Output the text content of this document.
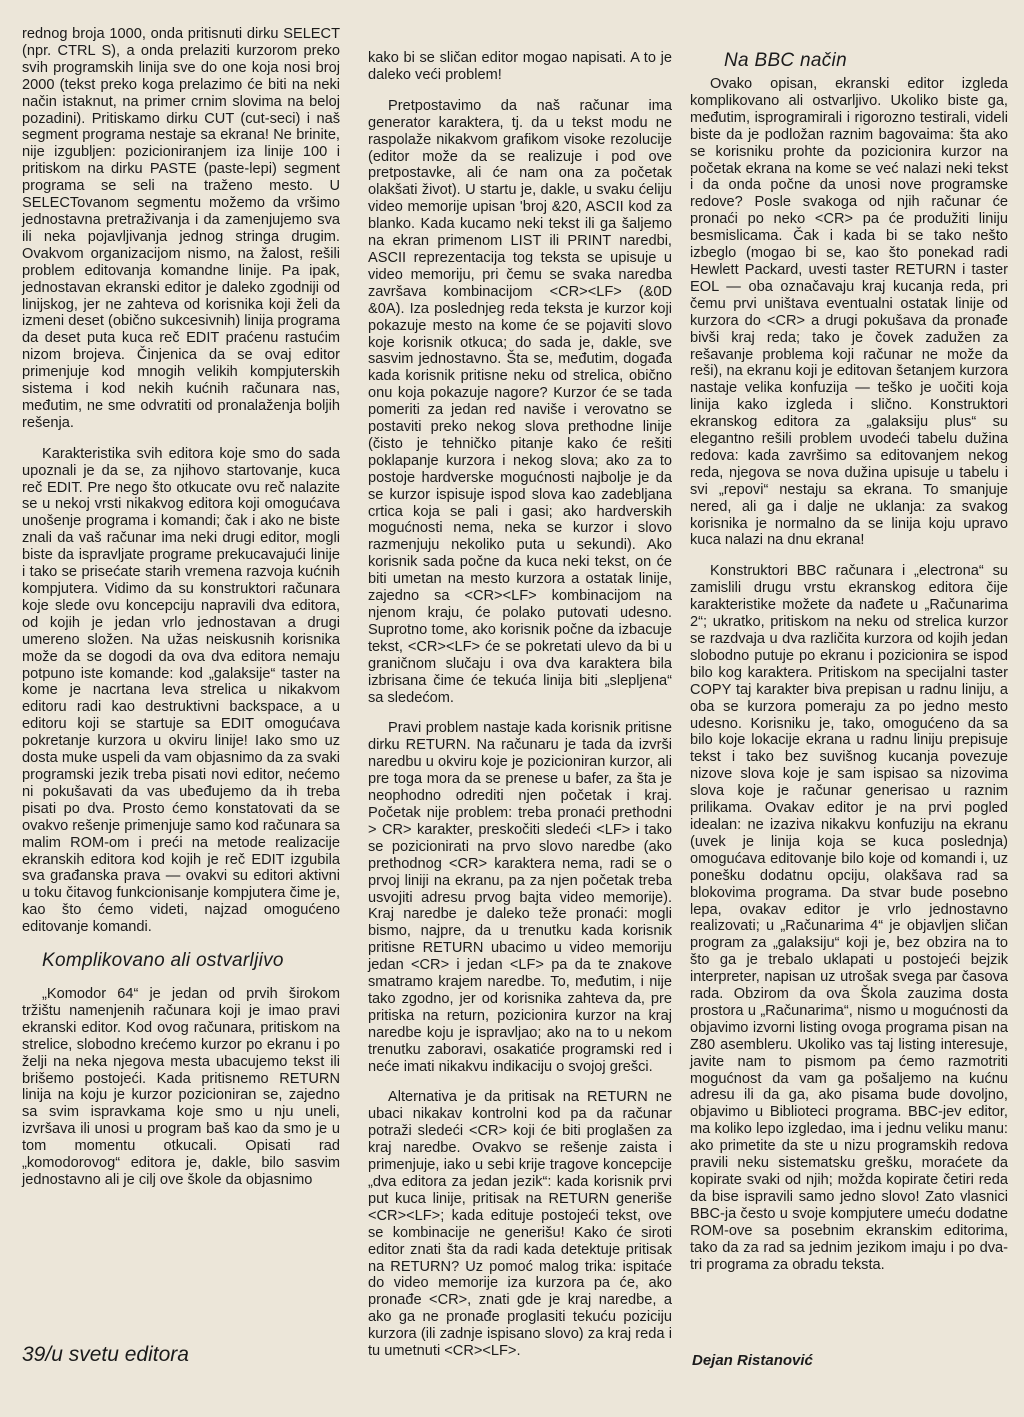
rednog broja 1000, onda pritisnuti dirku SELECT (npr. CTRL S), a onda prelaziti kurzorom preko svih programskih linija sve do one koja nosi broj 2000 (tekst preko koga prelazimo će biti na neki način istaknut, na primer crnim slovima na beloj pozadini). Pritiskamo dirku CUT (cut-seci) i naš segment programa nestaje sa ekrana! Ne brinite, nije izgubljen: pozicioniranjem iza linije 100 i pritiskom na dirku PASTE (paste-lepi) segment programa se seli na traženo mesto. U SELECTovanom segmentu možemo da vršimo jednostavna pretraživanja i da zamenjujemo sva ili neka pojavljivanja jednog stringa drugim. Ovakvom organizacijom nismo, na žalost, rešili problem editovanja komandne linije. Pa ipak, jednostavan ekranski editor je daleko zgodniji od linijskog, jer ne zahteva od korisnika koji želi da izmeni deset (obično sukcesivnih) linija programa da deset puta kuca reč EDIT praćenu rastućim nizom brojeva. Činjenica da se ovaj editor primenjuje kod mnogih velikih kompjuterskih sistema i kod nekih kućnih računara nas, međutim, ne sme odvratiti od pronalaženja boljih rešenja.

Karakteristika svih editora koje smo do sada upoznali je da se, za njihovo startovanje, kuca reč EDIT. Pre nego što otkucate ovu reč nalazite se u nekoj vrsti nikakvog editora koji omogućava unošenje programa i komandi; čak i ako ne biste znali da vaš računar ima neki drugi editor, mogli biste da ispravljate programe prekucavajući linije i tako se prisećate starih vremena razvoja kućnih kompjutera. Vidimo da su konstruktori računara koje slede ovu koncepciju napravili dva editora, od kojih je jedan vrlo jednostavan a drugi umereno složen. Na užas neiskusnih korisnika može da se dogodi da ova dva editora nemaju potpuno iste komande: kod „galaksije“ taster na kome je nacrtana leva strelica u nikakvom editoru radi kao destruktivni backspace, a u editoru koji se startuje sa EDIT omogućava pokretanje kurzora u okviru linije! Iako smo uz dosta muke uspeli da vam objasnimo da za svaki programski jezik treba pisati novi editor, nećemo ni pokušavati da vas ubeđujemo da ih treba pisati po dva. Prosto ćemo konstatovati da se ovakvo rešenje primenjuje samo kod računara sa malim ROM-om i preći na metode realizacije ekranskih editora kod kojih je reč EDIT izgubila sva građanska prava — ovakvi su editori aktivni u toku čitavog funkcionisanje kompjutera čime je, kao što ćemo videti, najzad omogućeno editovanje komandi.

Komplikovano ali ostvarljivo

„Komodor 64“ je jedan od prvih širokom tržištu namenjenih računara koji je imao pravi ekranski editor. Kod ovog računara, pritiskom na strelice, slobodno krećemo kurzor po ekranu i po želji na neka njegova mesta ubacujemo tekst ili brišemo postojeći. Kada pritisnemo RETURN linija na koju je kurzor pozicioniran se, zajedno sa svim ispravkama koje smo u nju uneli, izvršava ili unosi u program baš kao da smo je u tom momentu otkucali. Opisati rad „komodorovog“ editora je, dakle, bilo sasvim jednostavno ali je cilj ove škole da objasnimo

kako bi se sličan editor mogao napisati. A to je daleko veći problem!

Pretpostavimo da naš računar ima generator karaktera, tj. da u tekst modu ne raspolaže nikakvom grafikom visoke rezolucije (editor može da se realizuje i pod ove pretpostavke, ali će nam ona za početak olakšati život). U startu je, dakle, u svaku ćeliju video memorije upisan 'broj &20, ASCII kod za blanko. Kada kucamo neki tekst ili ga šaljemo na ekran primenom LIST ili PRINT naredbi, ASCII reprezentacija tog teksta se upisuje u video memoriju, pri čemu se svaka naredba završava kombinacijom <CR><LF> (&0D &0A). Iza poslednjeg reda teksta je kurzor koji pokazuje mesto na kome će se pojaviti slovo koje korisnik otkuca; do sada je, dakle, sve sasvim jednostavno. Šta se, međutim, događa kada korisnik pritisne neku od strelica, obično onu koja pokazuje nagore? Kurzor će se tada pomeriti za jedan red naviše i verovatno se postaviti preko nekog slova prethodne linije (čisto je tehničko pitanje kako će rešiti poklapanje kurzora i nekog slova; ako za to postoje hardverske mogućnosti najbolje je da se kurzor ispisuje ispod slova kao zadebljana crtica koja se pali i gasi; ako hardverskih mogućnosti nema, neka se kurzor i slovo razmenjuju nekoliko puta u sekundi). Ako korisnik sada počne da kuca neki tekst, on će biti umetan na mesto kurzora a ostatak linije, zajedno sa <CR><LF> kombinacijom na njenom kraju, će polako putovati udesno. Suprotno tome, ako korisnik počne da izbacuje tekst, <CR><LF> će se pokretati ulevo da bi u graničnom slučaju i ova dva karaktera bila izbrisana čime će tekuća linija biti „slepljena“ sa sledećom.

Pravi problem nastaje kada korisnik pritisne dirku RETURN. Na računaru je tada da izvrši naredbu u okviru koje je pozicioniran kurzor, ali pre toga mora da se prenese u bafer, za šta je neophodno odrediti njen početak i kraj. Početak nije problem: treba pronaći prethodni > CR> karakter, preskočiti sledeći <LF> i tako se pozicionirati na prvo slovo naredbe (ako prethodnog <CR> karaktera nema, radi se o prvoj liniji na ekranu, pa za njen početak treba usvojiti adresu prvog bajta video memorije). Kraj naredbe je daleko teže pronaći: mogli bismo, najpre, da u trenutku kada korisnik pritisne RETURN ubacimo u video memoriju jedan <CR> i jedan <LF> pa da te znakove smatramo krajem naredbe. To, međutim, i nije tako zgodno, jer od korisnika zahteva da, pre pritiska na return, pozicionira kurzor na kraj naredbe koju je ispravljao; ako na to u nekom trenutku zaboravi, osakatiće programski red i neće imati nikakvu indikaciju o svojoj grešci.

Alternativa je da pritisak na RETURN ne ubaci nikakav kontrolni kod pa da računar potraži sledeći <CR> koji će biti proglašen za kraj naredbe. Ovakvo se rešenje zaista i primenjuje, iako u sebi krije tragove koncepcije „dva editora za jedan jezik“: kada korisnik prvi put kuca linije, pritisak na RETURN generiše <CR><LF>; kada edituje postojeći tekst, ove se kombinacije ne generišu! Kako će siroti editor znati šta da radi kada detektuje pritisak na RETURN? Uz pomoć malog trika: ispitaće do video memorije iza kurzora pa će, ako pronađe <CR>, znati gde je kraj naredbe, a ako ga ne pronađe proglasiti tekuću poziciju kurzora (ili zadnje ispisano slovo) za kraj reda i tu umetnuti <CR><LF>.

Na BBC način

Ovako opisan, ekranski editor izgleda komplikovano ali ostvarljivo. Ukoliko biste ga, međutim, isprogramirali i rigorozno testirali, videli biste da je podložan raznim bagovaima: šta ako se korisniku prohte da pozicionira kurzor na početak ekrana na kome se već nalazi neki tekst i da onda počne da unosi nove programske redove? Posle svakoga od njih računar će pronaći po neko <CR> pa će produžiti liniju besmislicama. Čak i kada bi se tako nešto izbeglo (mogao bi se, kao što ponekad radi Hewlett Packard, uvesti taster RETURN i taster EOL — oba označavaju kraj kucanja reda, pri čemu prvi uništava eventualni ostatak linije od kurzora do <CR> a drugi pokušava da pronađe bivši kraj reda; tako je čovek zadužen za rešavanje problema koji računar ne može da reši), na ekranu koji je editovan šetanjem kurzora nastaje velika konfuzija — teško je uočiti koja linija kako izgleda i slično. Konstruktori ekranskog editora za „galaksiju plus“ su elegantno rešili problem uvodeći tabelu dužina redova: kada završimo sa editovanjem nekog reda, njegova se nova dužina upisuje u tabelu i svi „repovi“ nestaju sa ekrana. To smanjuje nered, ali ga i dalje ne uklanja: za svakog korisnika je normalno da se linija koju upravo kuca nalazi na dnu ekrana!

Konstruktori BBC računara i „electrona“ su zamislili drugu vrstu ekranskog editora čije karakteristike možete da nađete u „Računarima 2“; ukratko, pritiskom na neku od strelica kurzor se razdvaja u dva različita kurzora od kojih jedan slobodno putuje po ekranu i pozicionira se ispod bilo kog karaktera. Pritiskom na specijalni taster COPY taj karakter biva prepisan u radnu liniju, a oba se kurzora pomeraju za po jedno mesto udesno. Korisniku je, tako, omogućeno da sa bilo koje lokacije ekrana u radnu liniju prepisuje tekst i tako bez suvišnog kucanja povezuje nizove slova koje je sam ispisao sa nizovima slova koje je računar generisao u raznim prilikama. Ovakav editor je na prvi pogled idealan: ne izaziva nikakvu konfuziju na ekranu (uvek je linija koja se kuca poslednja) omogućava editovanje bilo koje od komandi i, uz ponešku dodatnu opciju, olakšava rad sa blokovima programa. Da stvar bude posebno lepa, ovakav editor je vrlo jednostavno realizovati; u „Računarima 4“ je objavljen sličan program za „galaksiju“ koji je, bez obzira na to što ga je trebalo uklapati u postojeći bejzik interpreter, napisan uz utrošak svega par časova rada. Obzirom da ova Škola zauzima dosta prostora u „Računarima“, nismo u mogućnosti da objavimo izvorni listing ovoga programa pisan na Z80 asembleru. Ukoliko vas taj listing interesuje, javite nam to pismom pa ćemo razmotriti mogućnost da vam ga pošaljemo na kućnu adresu ili da ga, ako pisama bude dovoljno, objavimo u Biblioteci programa. BBC-jev editor, ma koliko lepo izgledao, ima i jednu veliku manu: ako primetite da ste u nizu programskih redova pravili neku sistematsku grešku, moraćete da kopirate svaki od njih; možda kopirate četiri reda da bise ispravili samo jedno slovo! Zato vlasnici BBC-ja često u svoje kompjutere umeću dodatne ROM-ove sa posebnim ekranskim editorima, tako da za rad sa jednim jezikom imaju i po dva-tri programa za obradu teksta.

39/u svetu editora	Dejan Ristanović
